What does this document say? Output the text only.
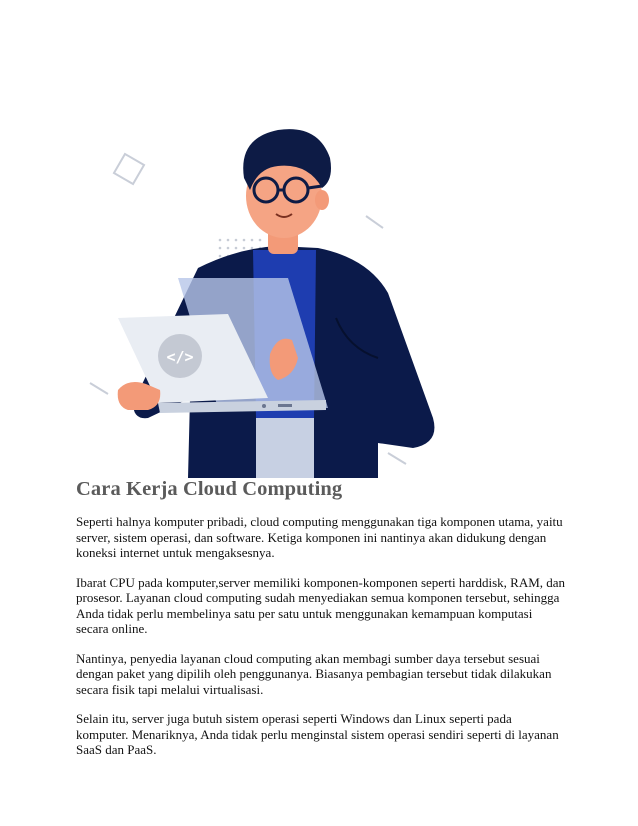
</>
Cara Kerja Cloud Computing

Seperti halnya komputer pribadi, cloud computing menggunakan tiga komponen utama, yaitu server, sistem operasi, dan software. Ketiga komponen ini nantinya akan didukung dengan koneksi internet untuk mengaksesnya.

Ibarat CPU pada komputer,server memiliki komponen-komponen seperti harddisk, RAM, dan prosesor. Layanan cloud computing sudah menyediakan semua komponen tersebut, sehingga Anda tidak perlu membelinya satu per satu untuk menggunakan kemampuan komputasi secara online.

Nantinya, penyedia layanan cloud computing akan membagi sumber daya tersebut sesuai dengan paket yang dipilih oleh penggunanya. Biasanya pembagian tersebut tidak dilakukan secara fisik tapi melalui virtualisasi.

Selain itu, server juga butuh sistem operasi seperti Windows dan Linux seperti pada komputer. Menariknya, Anda tidak perlu menginstal sistem operasi sendiri seperti di layanan SaaS dan PaaS.
